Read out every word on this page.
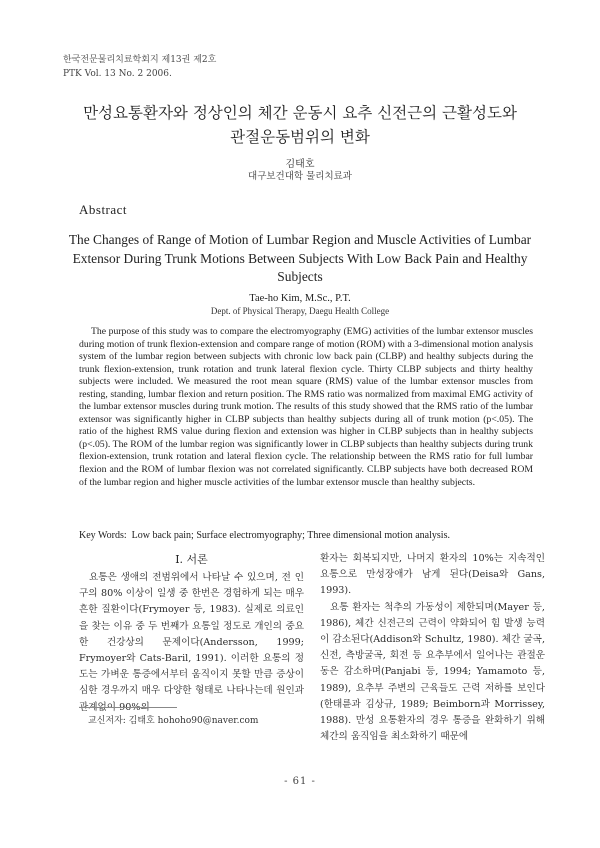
한국전문물리치료학회지 제13권 제2호
PTK Vol. 13 No. 2 2006.
만성요통환자와 정상인의 체간 운동시 요추 신전근의 근활성도와
관절운동범위의 변화
김태호
대구보건대학 물리치료과
Abstract
The Changes of Range of Motion of Lumbar Region and Muscle Activities of Lumbar Extensor During Trunk Motions Between Subjects With Low Back Pain and Healthy Subjects
Tae-ho Kim, M.Sc., P.T.
Dept. of Physical Therapy, Daegu Health College

The purpose of this study was to compare the electromyography (EMG) activities of the lumbar extensor muscles during motion of trunk flexion-extension and compare range of motion (ROM) with a 3-dimensional motion analysis system of the lumbar region between subjects with chronic low back pain (CLBP) and healthy subjects during the trunk flexion-extension, trunk rotation and trunk lateral flexion cycle. Thirty CLBP subjects and thirty healthy subjects were included. We measured the root mean square (RMS) value of the lumbar extensor muscles from resting, standing, lumbar flexion and return position. The RMS ratio was normalized from maximal EMG activity of the lumbar extensor muscles during trunk motion. The results of this study showed that the RMS ratio of the lumbar extensor was significantly higher in CLBP subjects than healthy subjects during all of trunk motion (p<.05). The ratio of the highest RMS value during flexion and extension was higher in CLBP subjects than in healthy subjects (p<.05). The ROM of the lumbar region was significantly lower in CLBP subjects than healthy subjects during trunk flexion-extension, trunk rotation and lateral flexion cycle. The relationship between the RMS ratio for full lumbar flexion and the ROM of lumbar flexion was not correlated significantly. CLBP subjects have both decreased ROM of the lumbar region and higher muscle activities of the lumbar extensor muscle than healthy subjects.

Key Words: Low back pain; Surface electromyography; Three dimensional motion analysis.
Ⅰ. 서론

요통은 생애의 전범위에서 나타날 수 있으며, 전 인구의 80% 이상이 일생 중 한번은 경험하게 되는 매우 흔한 질환이다(Frymoyer 등, 1983). 실제로 의료인을 찾는 이유 중 두 번째가 요통일 정도로 개인의 중요한 건강상의 문제이다(Andersson, 1999; Frymoyer와 Cats-Baril, 1991). 이러한 요통의 정도는 가벼운 통증에서부터 움직이지 못할 만큼 증상이 심한 경우까지 매우 다양한 형태로 나타나는데 원인과 관계없이 90%의

환자는 회복되지만, 나머지 환자의 10%는 지속적인 요통으로 만성장애가 남게 된다(Deisa와 Gans, 1993).

요통 환자는 척추의 가동성이 제한되며(Mayer 등, 1986), 체간 신전근의 근력이 약화되어 힘 발생 능력이 감소된다(Addison와 Schultz, 1980). 체간 굴곡, 신전, 측방굴곡, 회전 등 요추부에서 일어나는 관절운동은 감소하며(Panjabi 등, 1994; Yamamoto 등, 1989), 요추부 주변의 근육들도 근력 저하를 보인다(한태륜과 김상규, 1989; Beimborn과 Morrissey, 1988). 만성 요통환자의 경우 통증을 완화하기 위해 체간의 움직임을 최소화하기 때문에

교신저자: 김태호 hohoho90@naver.com
- 61 -
